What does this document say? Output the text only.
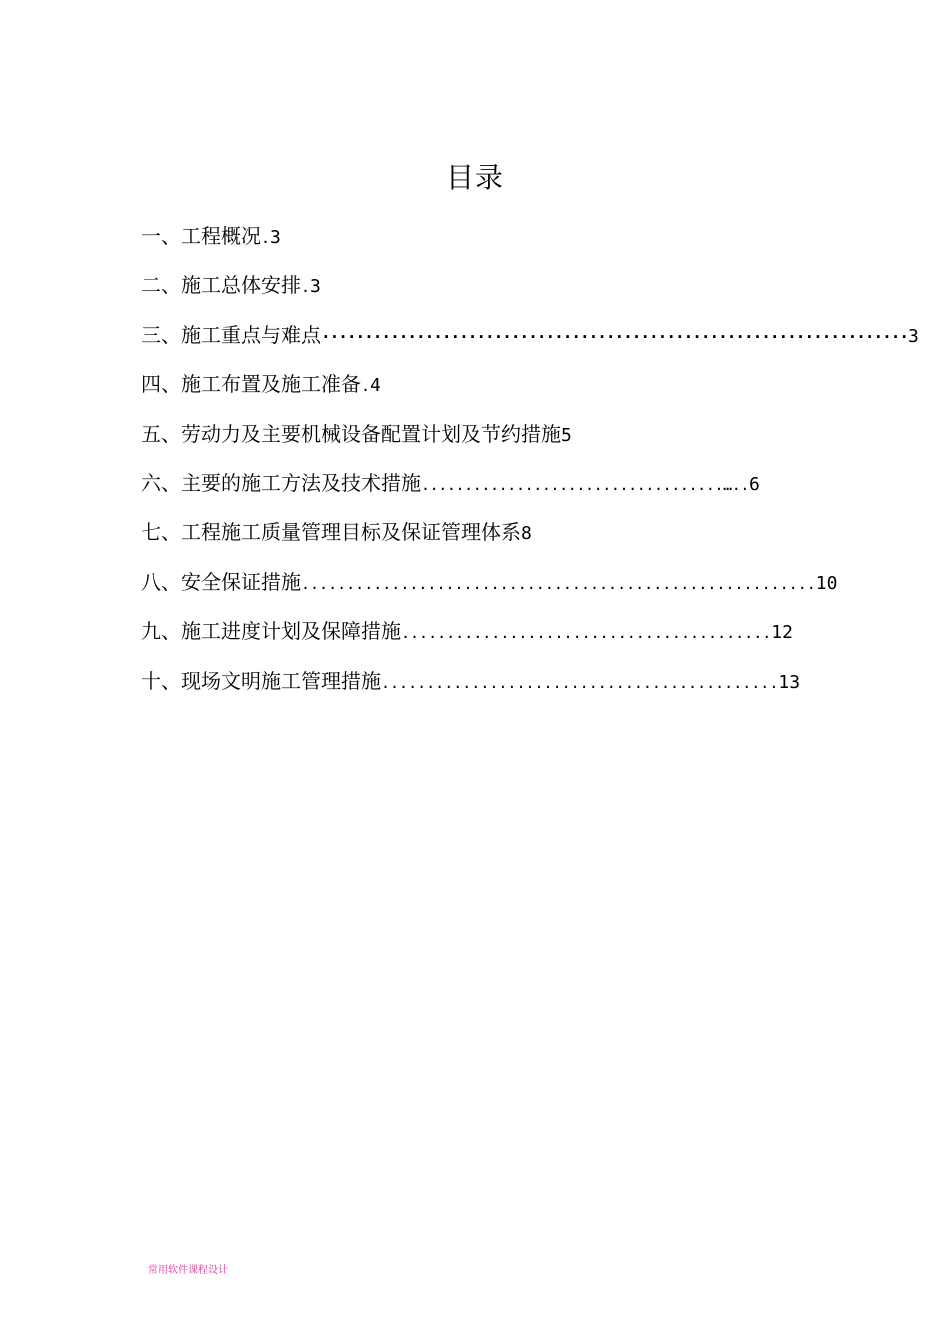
目录
一、工程概况.3
二、施工总体安排.3
三、施工重点与难点····································································3
四、施工布置及施工准备.4
五、劳动力及主要机械设备配置计划及节约措施5
六、主要的施工方法及技术措施...................................…..6
七、工程施工质量管理目标及保证管理体系8
八、安全保证措施.........................................................10
九、施工进度计划及保障措施.........................................12
十、现场文明施工管理措施............................................13
常用软件课程设计
